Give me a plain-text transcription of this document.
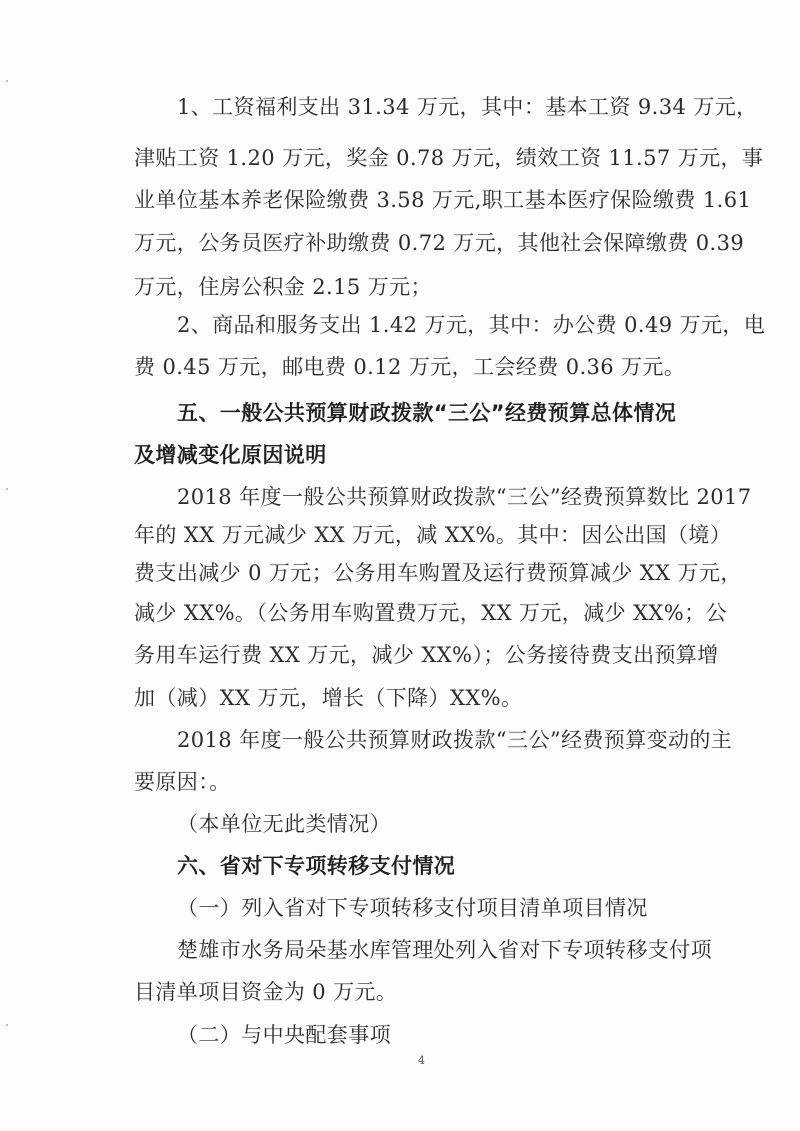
1、工资福利支出 31.34 万元，其中：基本工资 9.34 万元，
津贴工资 1.20 万元，奖金 0.78 万元，绩效工资 11.57 万元，事
业单位基本养老保险缴费 3.58 万元,职工基本医疗保险缴费 1.61
万元，公务员医疗补助缴费 0.72 万元，其他社会保障缴费 0.39
万元，住房公积金 2.15 万元；
2、商品和服务支出 1.42 万元，其中：办公费 0.49 万元，电
费 0.45 万元，邮电费 0.12 万元，工会经费 0.36 万元。
五、一般公共预算财政拨款“三公”经费预算总体情况
及增减变化原因说明
2018 年度一般公共预算财政拨款“三公”经费预算数比 2017
年的 XX 万元减少 XX 万元，减 XX%。其中：因公出国（境）
费支出减少 0 万元；公务用车购置及运行费预算减少 XX 万元，
减少 XX%。（公务用车购置费万元，XX 万元，减少 XX%；公
务用车运行费 XX 万元，减少 XX%）；公务接待费支出预算增
加（减）XX 万元，增长（下降）XX%。
2018 年度一般公共预算财政拨款“三公”经费预算变动的主
要原因：。
（本单位无此类情况）
六、省对下专项转移支付情况
（一）列入省对下专项转移支付项目清单项目情况
楚雄市水务局朵基水库管理处列入省对下专项转移支付项
目清单项目资金为 0 万元。
（二）与中央配套事项
4
